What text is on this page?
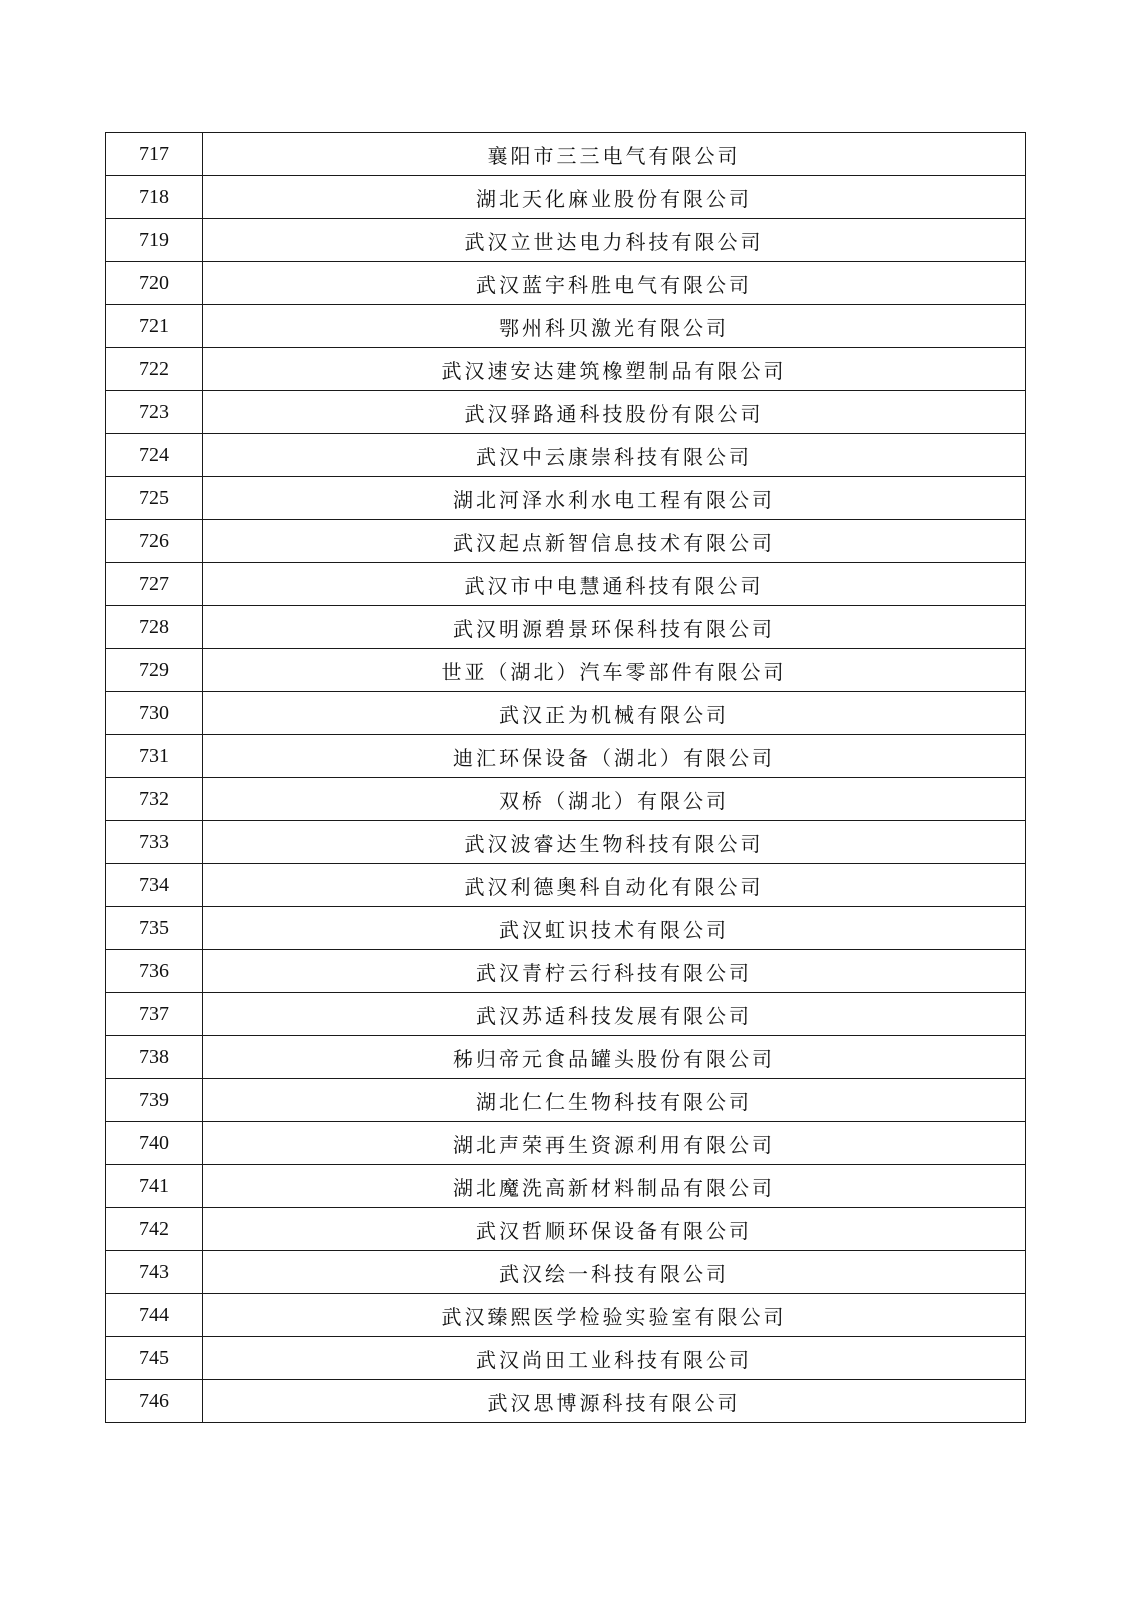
717	襄阳市三三电气有限公司
718	湖北天化麻业股份有限公司
719	武汉立世达电力科技有限公司
720	武汉蓝宇科胜电气有限公司
721	鄂州科贝激光有限公司
722	武汉速安达建筑橡塑制品有限公司
723	武汉驿路通科技股份有限公司
724	武汉中云康崇科技有限公司
725	湖北河泽水利水电工程有限公司
726	武汉起点新智信息技术有限公司
727	武汉市中电慧通科技有限公司
728	武汉明源碧景环保科技有限公司
729	世亚（湖北）汽车零部件有限公司
730	武汉正为机械有限公司
731	迪汇环保设备（湖北）有限公司
732	双桥（湖北）有限公司
733	武汉波睿达生物科技有限公司
734	武汉利德奥科自动化有限公司
735	武汉虹识技术有限公司
736	武汉青柠云行科技有限公司
737	武汉苏适科技发展有限公司
738	秭归帝元食品罐头股份有限公司
739	湖北仁仁生物科技有限公司
740	湖北声荣再生资源利用有限公司
741	湖北魔洗高新材料制品有限公司
742	武汉哲顺环保设备有限公司
743	武汉绘一科技有限公司
744	武汉臻熙医学检验实验室有限公司
745	武汉尚田工业科技有限公司
746	武汉思博源科技有限公司
